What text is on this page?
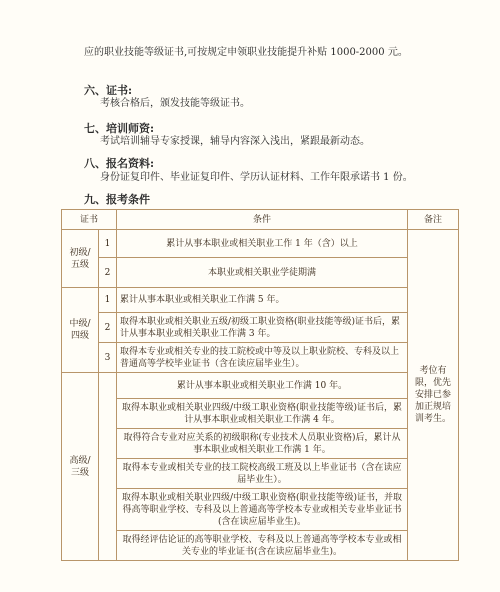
应的职业技能等级证书,可按规定申领职业技能提升补贴 1000-2000 元。
六、证书:
考核合格后，颁发技能等级证书。
七、培训师资:
考试培训辅导专家授课，辅导内容深入浅出，紧跟最新动态。
八、报名资料:
身份证复印件、毕业证复印件、学历认证材料、工作年限承诺书 1 份。
九、报考条件
证书		条件	备注
初级/五级	1	累计从事本职业或相关职业工作 1 年（含）以上	考位有限，优先安排已参加正规培训考生。
	2	本职业或相关职业学徒期满	
中级/四级	1	累计从事本职业或相关职业工作满 5 年。	
	2	取得本职业或相关职业五级/初级工职业资格(职业技能等级)证书后，累计从事本职业或相关职业工作满 3 年。	
	3	取得本专业或相关专业的技工院校或中等及以上职业院校、专科及以上普通高等学校毕业证书（含在读应届毕业生）。	
高级/三级		累计从事本职业或相关职业工作满 10 年。	
		取得本职业或相关职业四级/中级工职业资格(职业技能等级)证书后，累计从事本职业或相关职业工作满 4 年。	
		取得符合专业对应关系的初级职称(专业技术人员职业资格)后，累计从事本职业或相关职业工作满 1 年。	
		取得本专业或相关专业的技工院校高级工班及以上毕业证书（含在读应届毕业生）。	
		取得本职业或相关职业四级/中级工职业资格(职业技能等级)证书，并取得高等职业学校、专科及以上普通高等学校本专业或相关专业毕业证书(含在读应届毕业生)。	
		取得经评估论证的高等职业学校、专科及以上普通高等学校本专业或相关专业的毕业证书(含在读应届毕业生)。	
